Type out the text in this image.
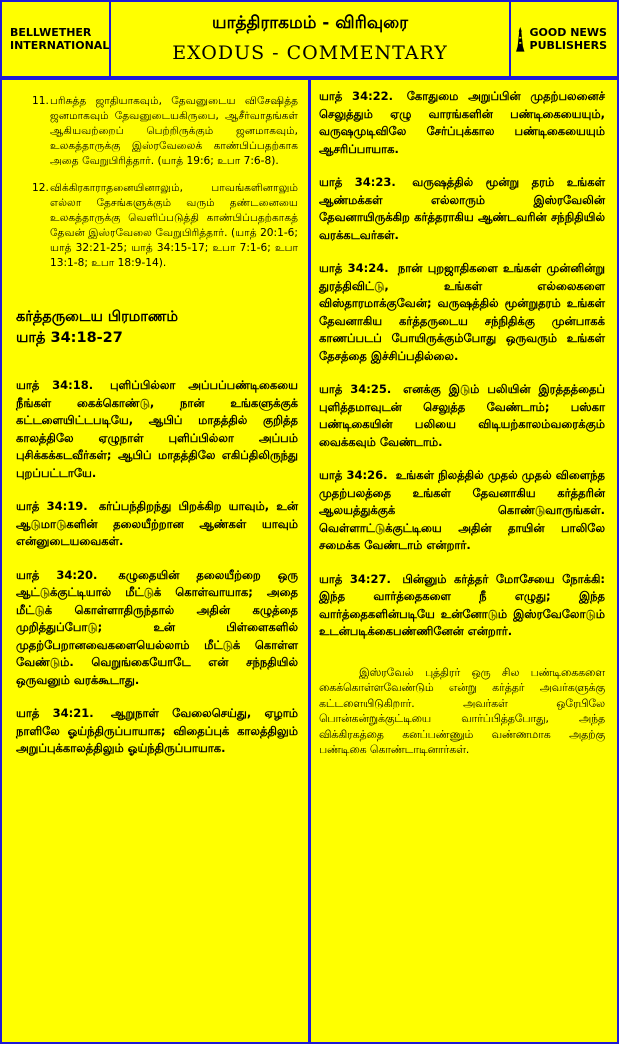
BELLWETHER INTERNATIONAL
யாத்திராகமம் - விரிவுரை
EXODUS - COMMENTARY
GOOD NEWS PUBLISHERS
11. பரிசுத்த ஜாதியாகவும், தேவனுடைய விசேஷித்த ஜனமாகவும் தேவனுடையகிருபை, ஆசீர்வாதங்கள் ஆகியவற்றைப் பெற்றிருக்கும் ஜனமாகவும், உலகத்தாருக்கு இஸ்ரவேலைக் காண்பிப்பதற்காக அதை வேறுபிரித்தார். (யாத் 19:6; உபா 7:6-8).
12. விக்கிரகாராதனையினாலும், பாவங்களினாலும் எல்லா தேசங்களுக்கும் வரும் தண்டனையை உலகத்தாருக்கு வெளிப்படுத்தி காண்பிப்பதற்காகத் தேவன் இஸ்ரவேலை வேறுபிரித்தார். (யாத் 20:1-6; யாத் 32:21-25; யாத் 34:15-17; உபா 7:1-6; உபா 13:1-8; உபா 18:9-14).
கர்த்தருடைய பிரமாணம்
யாத் 34:18-27

யாத் 34:18. புளிப்பில்லா அப்பப்பண்டிகையை நீங்கள் கைக்கொண்டு, நான் உங்களுக்குக் கட்டளையிட்டபடியே, ஆபிப் மாதத்தில் குறித்த காலத்திலே ஏழுநாள் புளிப்பில்லா அப்பம் புசிக்கக்கடவீர்கள்; ஆபிப் மாதத்திலே எகிப்திலிருந்து புறப்பட்டாயே.

யாத் 34:19. கர்ப்பந்திறந்து பிறக்கிற யாவும், உன் ஆடுமாடுகளின் தலையீற்றான ஆண்கள் யாவும் என்னுடையவைகள்.

யாத் 34:20. கழுதையின் தலையீற்றை ஒரு ஆட்டுக்குட்டியால் மீட்டுக் கொள்வாயாக; அதை மீட்டுக் கொள்ளாதிருந்தால் அதின் கழுத்தை முறித்துப்போடு; உன் பிள்ளைகளில் முதற்பேறானவைகளையெல்லாம் மீட்டுக் கொள்ள வேண்டும். வெறுங்கையோடே என் சந்நதியில் ஒருவனும் வரக்கூடாது.

யாத் 34:21. ஆறுநாள் வேலைசெய்து, ஏழாம் நாளிலே ஓய்ந்திருப்பாயாக; விதைப்புக் காலத்திலும் அறுப்புக்காலத்திலும் ஓய்ந்திருப்பாயாக.

யாத் 34:22. கோதுமை அறுப்பின் முதற்பலனைச் செலுத்தும் ஏழு வாரங்களின் பண்டிகையையும், வருஷமுடிவிலே சேர்ப்புக்கால பண்டிகையையும் ஆசரிப்பாயாக.

யாத் 34:23. வருஷத்தில் மூன்று தரம் உங்கள் ஆண்மக்கள் எல்லாரும் இஸ்ரவேலின் தேவனாயிருக்கிற கர்த்தராகிய ஆண்டவரின் சந்நிதியில் வரக்கடவர்கள்.

யாத் 34:24. நான் புறஜாதிகளை உங்கள் முன்னின்று துரத்திவிட்டு, உங்கள் எல்லைகளை விஸ்தாரமாக்குவேன்; வருஷத்தில் மூன்றுதரம் உங்கள் தேவனாகிய கர்த்தருடைய சந்நிதிக்கு முன்பாகக் காணப்படப் போயிருக்கும்போது ஒருவரும் உங்கள் தேசத்தை இச்சிப்பதில்லை.

யாத் 34:25. எனக்கு இடும் பலியின் இரத்தத்தைப் புளித்தமாவுடன் செலுத்த வேண்டாம்; பஸ்கா பண்டிகையின் பலியை விடியற்காலம்வரைக்கும் வைக்கவும் வேண்டாம்.

யாத் 34:26. உங்கள் நிலத்தில் முதல் முதல் விளைந்த முதற்பலத்தை உங்கள் தேவனாகிய கர்த்தரின் ஆலயத்துக்குக் கொண்டுவாருங்கள். வெள்ளாட்டுக்குட்டியை அதின் தாயின் பாலிலே சமைக்க வேண்டாம் என்றார்.

யாத் 34:27. பின்னும் கர்த்தர் மோசேயை நோக்கி: இந்த வார்த்தைகளை நீ எழுது; இந்த வார்த்தைகளின்படியே உன்னோடும் இஸ்ரவேலோடும் உடன்படிக்கைபண்ணினேன் என்றார்.

இஸ்ரவேல் புத்திரர் ஒரு சில பண்டிகைகளை கைக்கொள்ளவேண்டும் என்று கர்த்தர் அவர்களுக்கு கட்டளையிடுகிறார். அவர்கள் ஒரேபிலே பொன்கன்றுக்குட்டியை வார்ப்பித்தபோது, அந்த விக்கிரகத்தை கனப்பண்ணும் வண்ணமாக அதற்கு பண்டிகை கொண்டாடினார்கள்.
